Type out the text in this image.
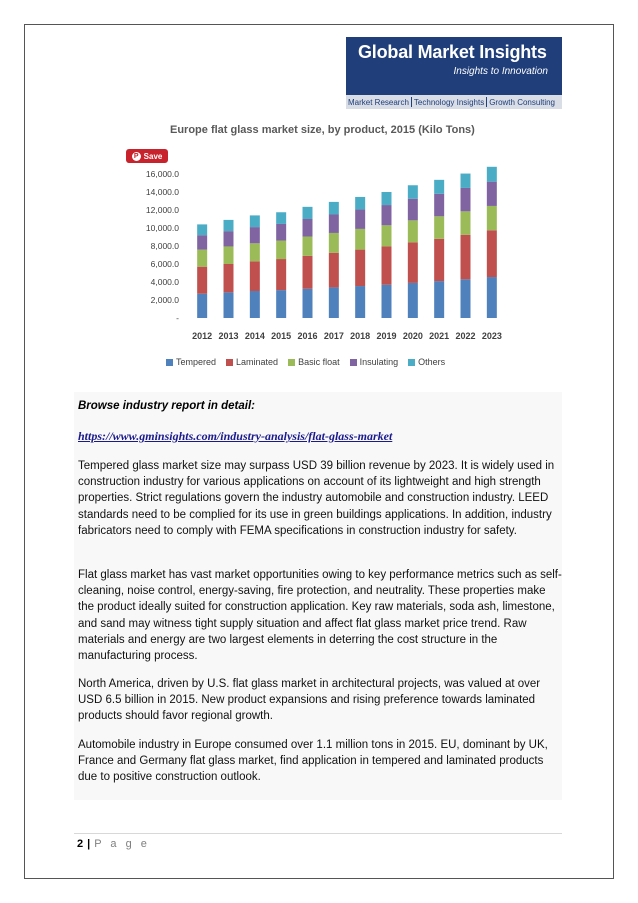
Global Market Insights
Insights to Innovation
Market Research Technology Insights Growth Consulting
-
2,000.0
4,000.0
6,000.0
8,000.0
10,000.0
12,000.0
14,000.0
16,000.0
2012 2013 2014 2015 2016 2017 2018 2019 2020 2021 2022 2023
Europe flat glass market size, by product, 2015 (Kilo Tons)
P Save
Tempered Laminated Basic float Insulating Others
Browse industry report in detail:
https://www.gminsights.com/industry-analysis/flat-glass-market

Tempered glass market size may surpass USD 39 billion revenue by 2023. It is widely used in construction industry for various applications on account of its lightweight and high strength properties. Strict regulations govern the industry automobile and construction industry. LEED standards need to be complied for its use in green buildings applications. In addition, industry fabricators need to comply with FEMA specifications in construction industry for safety.

Flat glass market has vast market opportunities owing to key performance metrics such as self-cleaning, noise control, energy-saving, fire protection, and neutrality. These properties make the product ideally suited for construction application. Key raw materials, soda ash, limestone, and sand may witness tight supply situation and affect flat glass market price trend. Raw materials and energy are two largest elements in deterring the cost structure in the manufacturing process.

North America, driven by U.S. flat glass market in architectural projects, was valued at over USD 6.5 billion in 2015. New product expansions and rising preference towards laminated products should favor regional growth.

Automobile industry in Europe consumed over 1.1 million tons in 2015. EU, dominant by UK, France and Germany flat glass market, find application in tempered and laminated products due to positive construction outlook.

2 | P a g e
